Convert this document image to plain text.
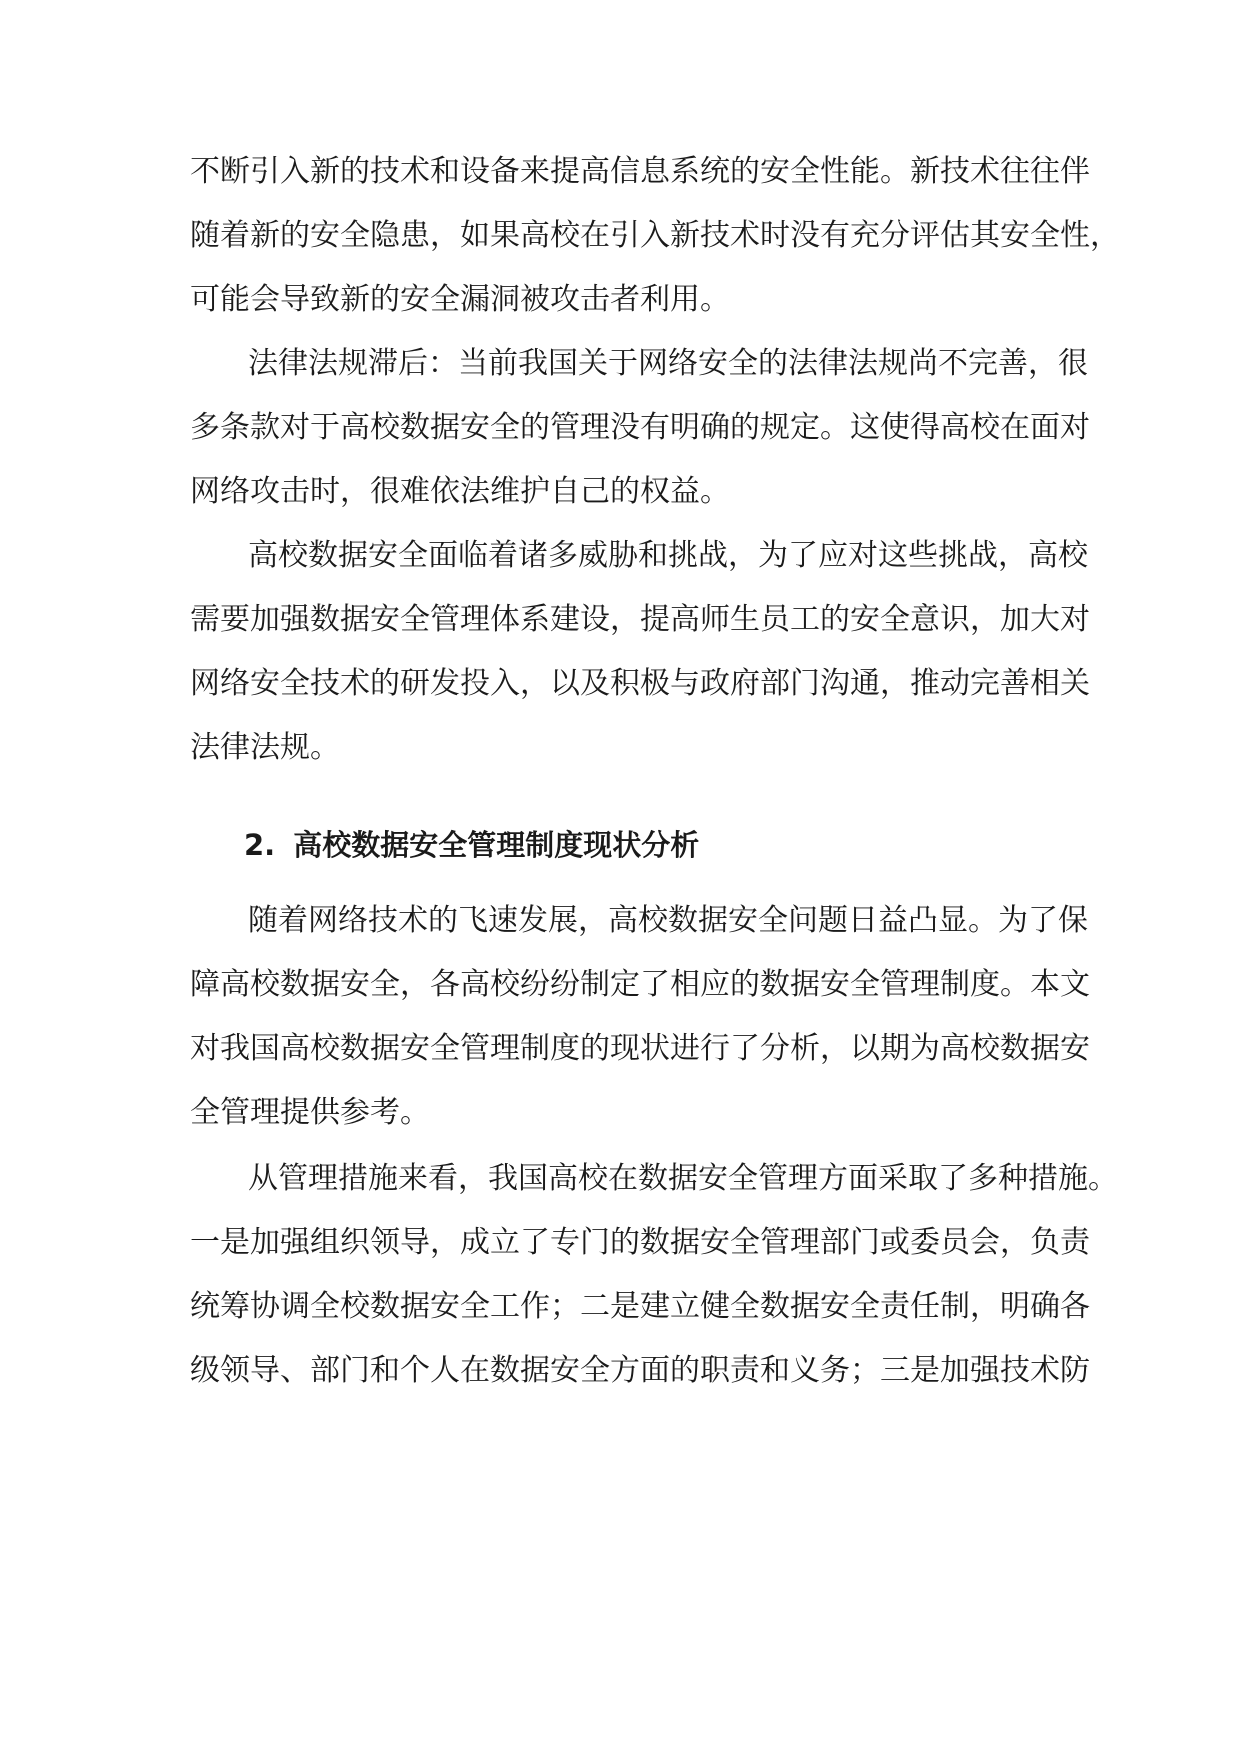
不断引入新的技术和设备来提高信息系统的安全性能。新技术往往伴
随着新的安全隐患，如果高校在引入新技术时没有充分评估其安全性，
可能会导致新的安全漏洞被攻击者利用。
法律法规滞后：当前我国关于网络安全的法律法规尚不完善，很
多条款对于高校数据安全的管理没有明确的规定。这使得高校在面对
网络攻击时，很难依法维护自己的权益。
高校数据安全面临着诸多威胁和挑战，为了应对这些挑战，高校
需要加强数据安全管理体系建设，提高师生员工的安全意识，加大对
网络安全技术的研发投入，以及积极与政府部门沟通，推动完善相关
法律法规。
2. 高校数据安全管理制度现状分析
随着网络技术的飞速发展，高校数据安全问题日益凸显。为了保
障高校数据安全，各高校纷纷制定了相应的数据安全管理制度。本文
对我国高校数据安全管理制度的现状进行了分析，以期为高校数据安
全管理提供参考。
从管理措施来看，我国高校在数据安全管理方面采取了多种措施。
一是加强组织领导，成立了专门的数据安全管理部门或委员会，负责
统筹协调全校数据安全工作；二是建立健全数据安全责任制，明确各
级领导、部门和个人在数据安全方面的职责和义务；三是加强技术防
